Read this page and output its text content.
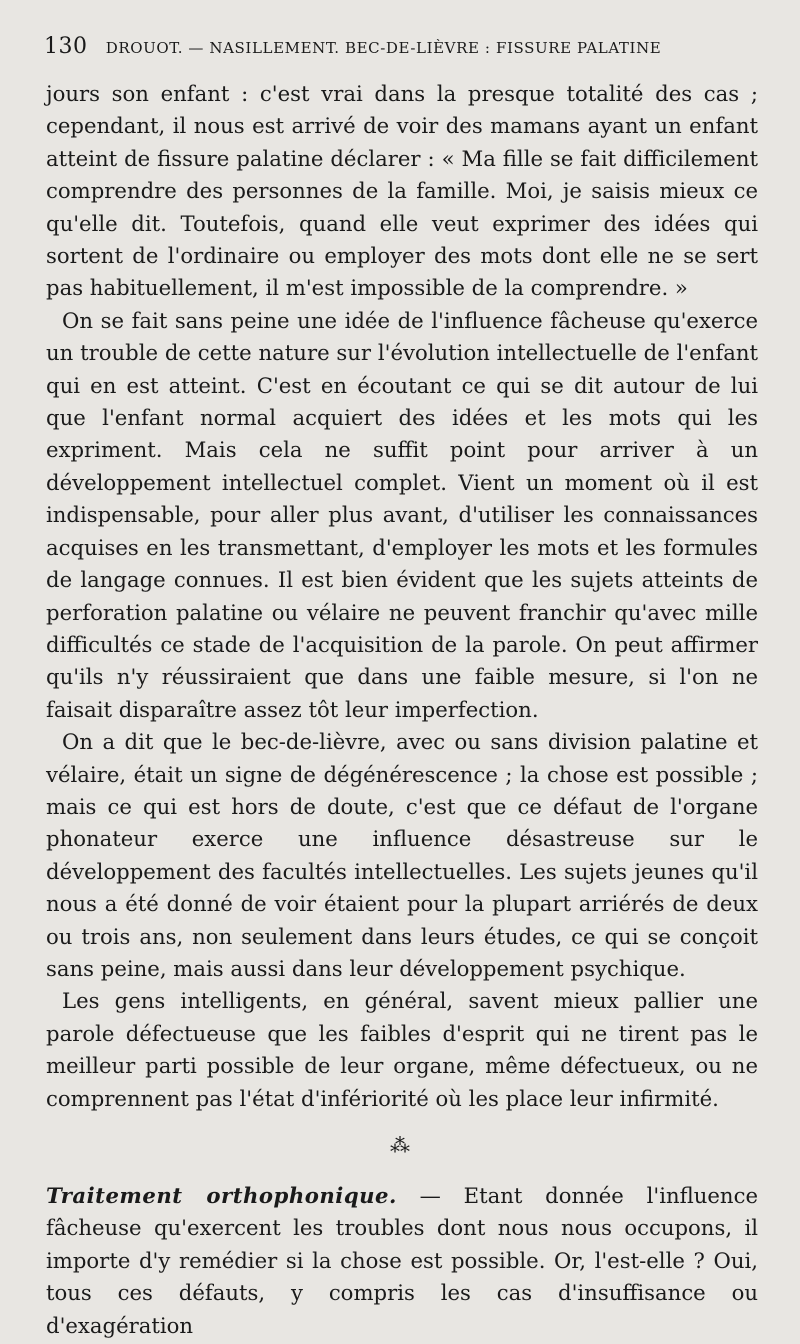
130 DROUOT. — NASILLEMENT. BEC-DE-LIÈVRE : FISSURE PALATINE

jours son enfant : c'est vrai dans la presque totalité des cas ; cependant, il nous est arrivé de voir des mamans ayant un enfant atteint de fissure palatine déclarer : « Ma fille se fait difficilement comprendre des personnes de la famille. Moi, je saisis mieux ce qu'elle dit. Toutefois, quand elle veut exprimer des idées qui sortent de l'ordinaire ou employer des mots dont elle ne se sert pas habituellement, il m'est impossible de la comprendre. »

On se fait sans peine une idée de l'influence fâcheuse qu'exerce un trouble de cette nature sur l'évolution intellectuelle de l'enfant qui en est atteint. C'est en écoutant ce qui se dit autour de lui que l'enfant normal acquiert des idées et les mots qui les expriment. Mais cela ne suffit point pour arriver à un développement intellectuel complet. Vient un moment où il est indispensable, pour aller plus avant, d'utiliser les connaissances acquises en les transmettant, d'employer les mots et les formules de langage connues. Il est bien évident que les sujets atteints de perforation palatine ou vélaire ne peuvent franchir qu'avec mille difficultés ce stade de l'acquisition de la parole. On peut affirmer qu'ils n'y réussiraient que dans une faible mesure, si l'on ne faisait disparaître assez tôt leur imperfection.

On a dit que le bec-de-lièvre, avec ou sans division palatine et vélaire, était un signe de dégénérescence ; la chose est possible ; mais ce qui est hors de doute, c'est que ce défaut de l'organe phonateur exerce une influence désastreuse sur le développement des facultés intellectuelles. Les sujets jeunes qu'il nous a été donné de voir étaient pour la plupart arriérés de deux ou trois ans, non seulement dans leurs études, ce qui se conçoit sans peine, mais aussi dans leur développement psychique.

Les gens intelligents, en général, savent mieux pallier une parole défectueuse que les faibles d'esprit qui ne tirent pas le meilleur parti possible de leur organe, même défectueux, ou ne comprennent pas l'état d'infériorité où les place leur infirmité.

⁂
Traitement orthophonique. — Etant donnée l'influence fâcheuse qu'exercent les troubles dont nous nous occupons, il importe d'y remédier si la chose est possible. Or, l'est-elle ? Oui, tous ces défauts, y compris les cas d'insuffisance ou d'exagération
